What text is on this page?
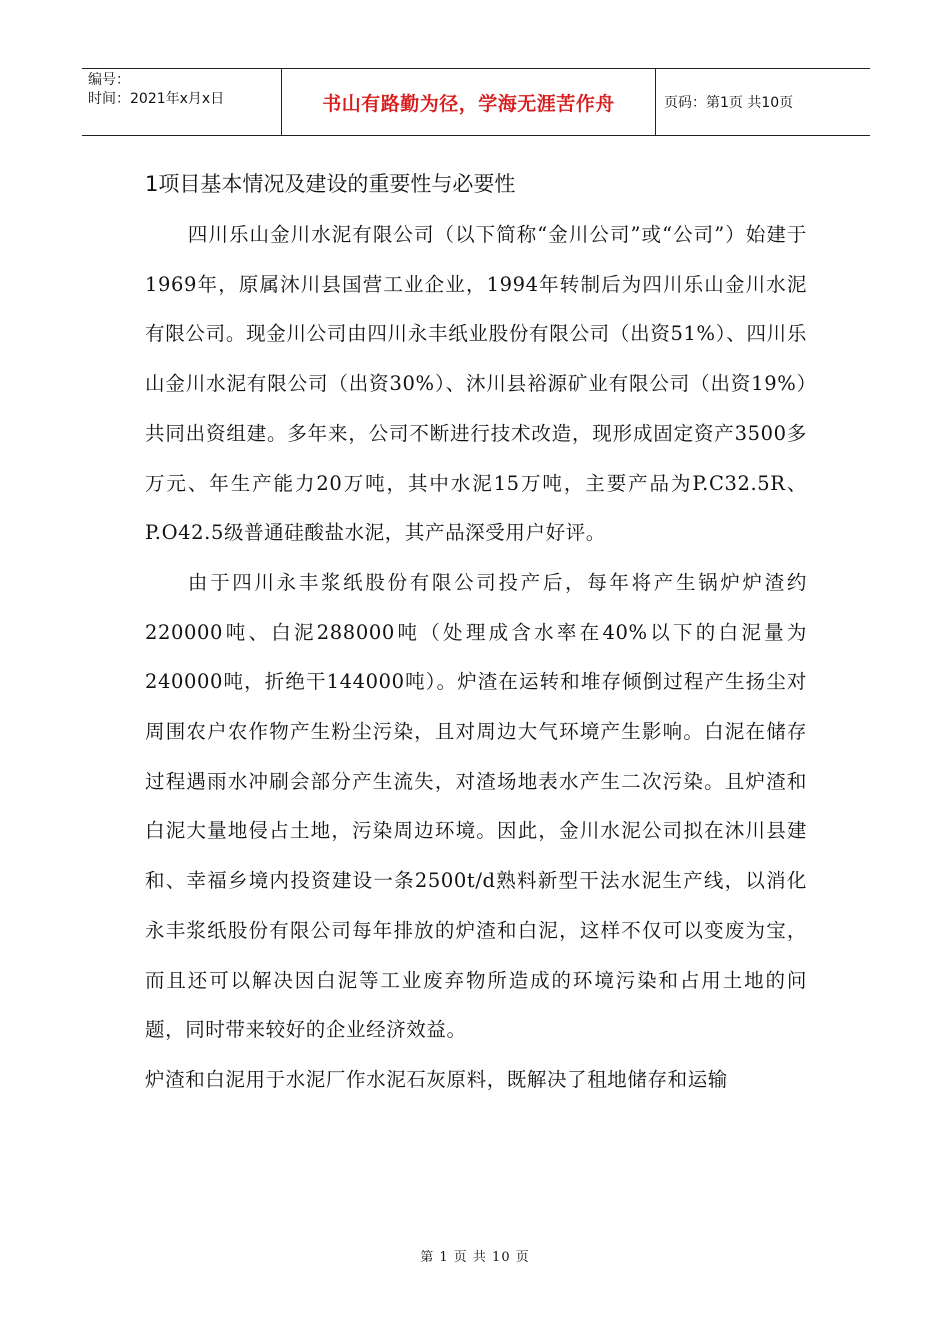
编号：
时间：2021年x月x日	书山有路勤为径，学海无涯苦作舟	页码：第1页 共10页
1项目基本情况及建设的重要性与必要性

四川乐山金川水泥有限公司（以下简称“金川公司”或“公司”）始建于1969年，原属沐川县国营工业企业，1994年转制后为四川乐山金川水泥有限公司。现金川公司由四川永丰纸业股份有限公司（出资51%）、四川乐山金川水泥有限公司（出资30%）、沐川县裕源矿业有限公司（出资19%）共同出资组建。多年来，公司不断进行技术改造，现形成固定资产3500多万元、年生产能力20万吨，其中水泥15万吨，主要产品为P.C32.5R、P.O42.5级普通硅酸盐水泥，其产品深受用户好评。

由于四川永丰浆纸股份有限公司投产后，每年将产生锅炉炉渣约220000吨、白泥288000吨（处理成含水率在40%以下的白泥量为240000吨，折绝干144000吨）。炉渣在运转和堆存倾倒过程产生扬尘对周围农户农作物产生粉尘污染，且对周边大气环境产生影响。白泥在储存过程遇雨水冲刷会部分产生流失，对渣场地表水产生二次污染。且炉渣和白泥大量地侵占土地，污染周边环境。因此，金川水泥公司拟在沐川县建和、幸福乡境内投资建设一条2500t/d熟料新型干法水泥生产线，以消化永丰浆纸股份有限公司每年排放的炉渣和白泥，这样不仅可以变废为宝，而且还可以解决因白泥等工业废弃物所造成的环境污染和占用土地的问题，同时带来较好的企业经济效益。

炉渣和白泥用于水泥厂作水泥石灰原料，既解决了租地储存和运输

第 1 页 共 10 页
